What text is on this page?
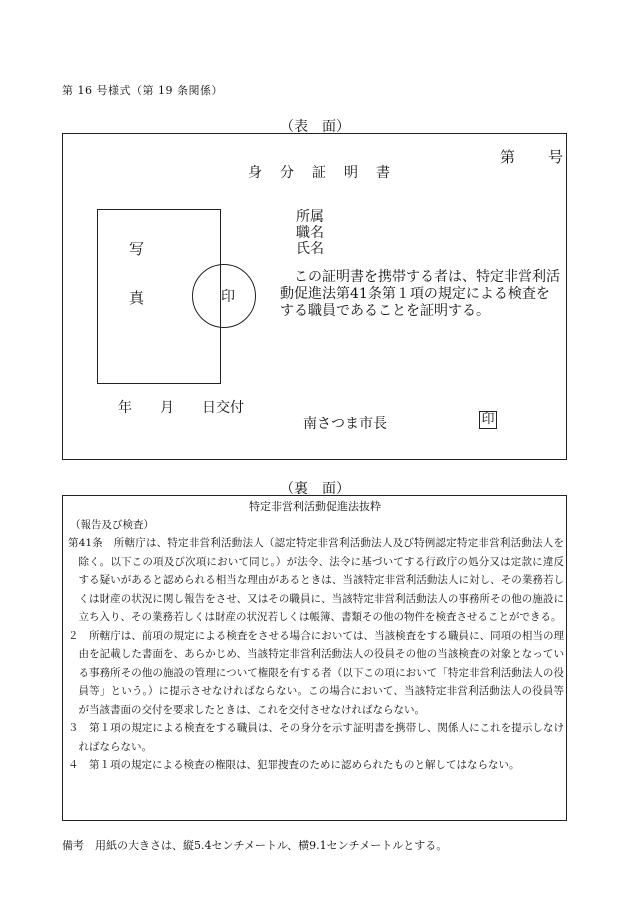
第 16 号様式（第 19 条関係）
（表　面）
第 号
身分証明書
写
真	印
所属
職名
氏名
　この証明書を携帯する者は、特定非営利活動促進法第41条第１項の規定による検査をする職員であることを証明する。
年　　月　　日交付
南さつま市長	印
（裏　面）
特定非営利活動促進法抜粋
（報告及び検査）

第41条　所轄庁は、特定非営利活動法人（認定特定非営利活動法人及び特例認定特定非営利活動法人を除く。以下この項及び次項において同じ。）が法令、法令に基づいてする行政庁の処分又は定款に違反する疑いがあると認められる相当な理由があるときは、当該特定非営利活動法人に対し、その業務若しくは財産の状況に関し報告をさせ、又はその職員に、当該特定非営利活動法人の事務所その他の施設に立ち入り、その業務若しくは財産の状況若しくは帳簿、書類その他の物件を検査させることができる。

２　所轄庁は、前項の規定による検査をさせる場合においては、当該検査をする職員に、同項の相当の理由を記載した書面を、あらかじめ、当該特定非営利活動法人の役員その他の当該検査の対象となっている事務所その他の施設の管理について権限を有する者（以下この項において「特定非営利活動法人の役員等」という。）に提示させなければならない。この場合において、当該特定非営利活動法人の役員等が当該書面の交付を要求したときは、これを交付させなければならない。

３　第１項の規定による検査をする職員は、その身分を示す証明書を携帯し、関係人にこれを提示しなければならない。

４　第１項の規定による検査の権限は、犯罪捜査のために認められたものと解してはならない。

備考　用紙の大きさは、縦5.4センチメートル、横9.1センチメートルとする。
